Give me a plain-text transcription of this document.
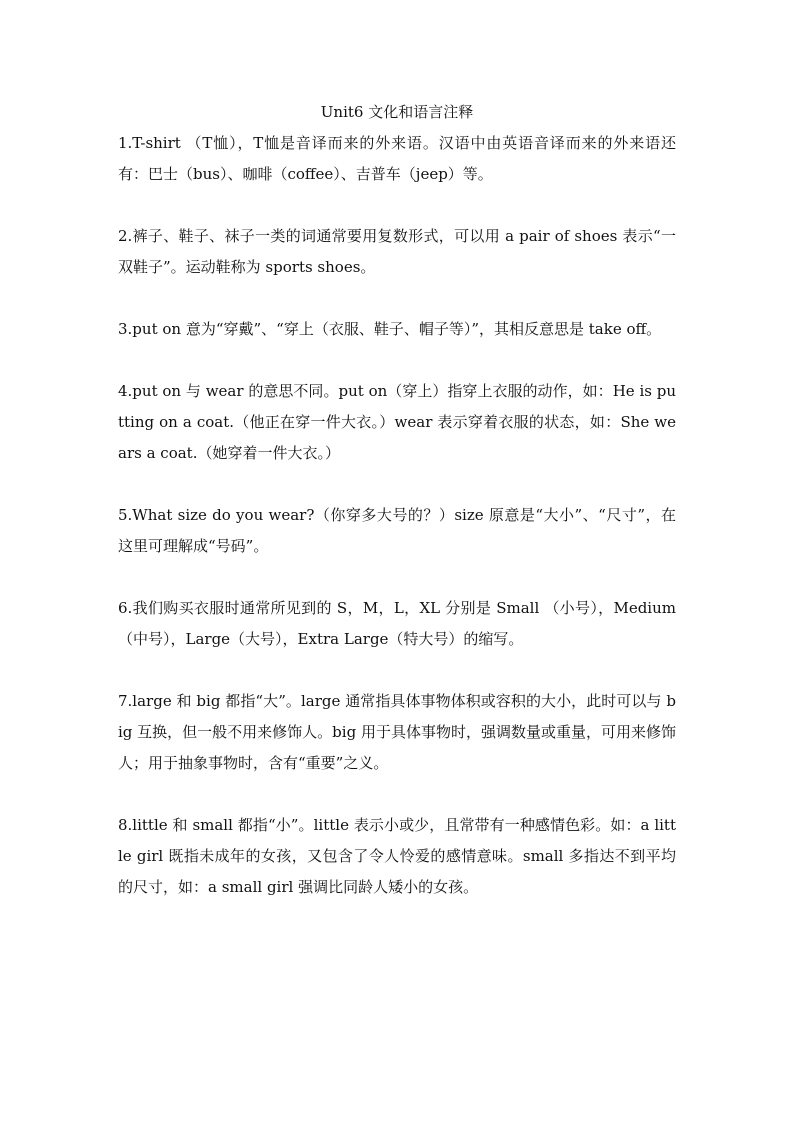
Unit6 文化和语言注释

1.T-shirt （T恤），T恤是音译而来的外来语。汉语中由英语音译而来的外来语还有：巴士（bus）、咖啡（coffee）、吉普车（jeep）等。

2.裤子、鞋子、袜子一类的词通常要用复数形式，可以用 a pair of shoes 表示“一双鞋子”。运动鞋称为 sports shoes。

3.put on 意为“穿戴”、“穿上（衣服、鞋子、帽子等）”，其相反意思是 take off。

4.put on 与 wear 的意思不同。put on（穿上）指穿上衣服的动作，如：He is putting on a coat.（他正在穿一件大衣。）wear 表示穿着衣服的状态，如：She wears a coat.（她穿着一件大衣。）

5.What size do you wear?（你穿多大号的？）size 原意是“大小”、“尺寸”，在这里可理解成“号码”。

6.我们购买衣服时通常所见到的 S，M，L，XL 分别是 Small （小号），Medium （中号），Large（大号），Extra Large（特大号）的缩写。

7.large 和 big 都指“大”。large 通常指具体事物体积或容积的大小，此时可以与 big 互换，但一般不用来修饰人。big 用于具体事物时，强调数量或重量，可用来修饰人；用于抽象事物时，含有“重要”之义。

8.little 和 small 都指“小”。little 表示小或少，且常带有一种感情色彩。如：a little girl 既指未成年的女孩，又包含了令人怜爱的感情意味。small 多指达不到平均的尺寸，如：a small girl 强调比同龄人矮小的女孩。
